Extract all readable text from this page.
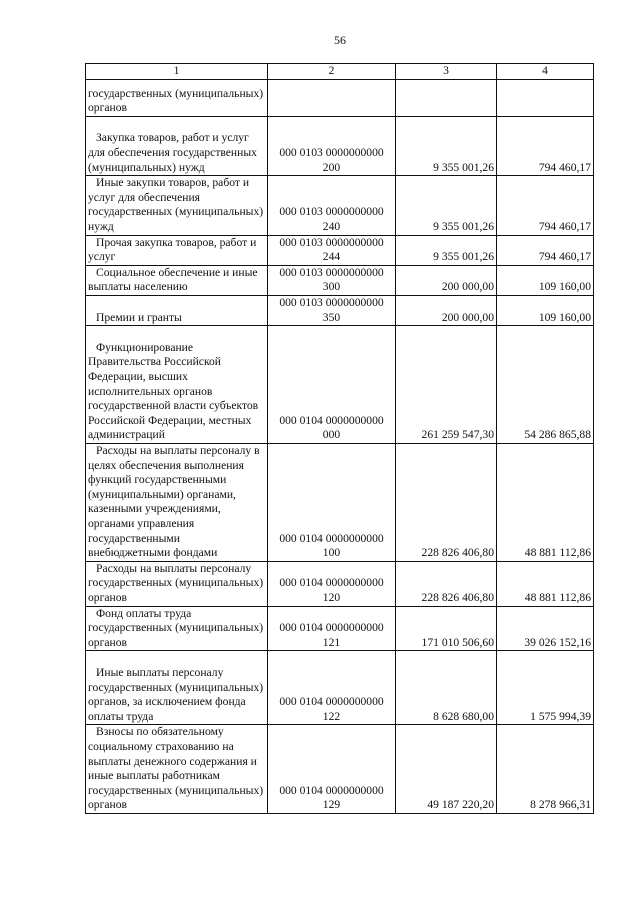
56
1	2	3	4
государственных (муниципальных) органов			

Закупка товаров, работ и услуг для обеспечения государственных (муниципальных) нужд	000 0103 0000000000 200	9 355 001,26	794 460,17

Иные закупки товаров, работ и услуг для обеспечения государственных (муниципальных) нужд	000 0103 0000000000 240	9 355 001,26	794 460,17

Прочая закупка товаров, работ и услуг	000 0103 0000000000 244	9 355 001,26	794 460,17

Социальное обеспечение и иные выплаты населению	000 0103 0000000000 300	200 000,00	109 160,00

Премии и гранты	000 0103 0000000000 350	200 000,00	109 160,00

Функционирование Правительства Российской Федерации, высших исполнительных органов государственной власти субъектов Российской Федерации, местных администраций	000 0104 0000000000 000	261 259 547,30	54 286 865,88

Расходы на выплаты персоналу в целях обеспечения выполнения функций государственными (муниципальными) органами, казенными учреждениями, органами управления государственными внебюджетными фондами	000 0104 0000000000 100	228 826 406,80	48 881 112,86

Расходы на выплаты персоналу государственных (муниципальных) органов	000 0104 0000000000 120	228 826 406,80	48 881 112,86

Фонд оплаты труда государственных (муниципальных) органов	000 0104 0000000000 121	171 010 506,60	39 026 152,16

Иные выплаты персоналу государственных (муниципальных) органов, за исключением фонда оплаты труда	000 0104 0000000000 122	8 628 680,00	1 575 994,39

Взносы по обязательному социальному страхованию на выплаты денежного содержания и иные выплаты работникам государственных (муниципальных) органов	000 0104 0000000000 129	49 187 220,20	8 278 966,31
